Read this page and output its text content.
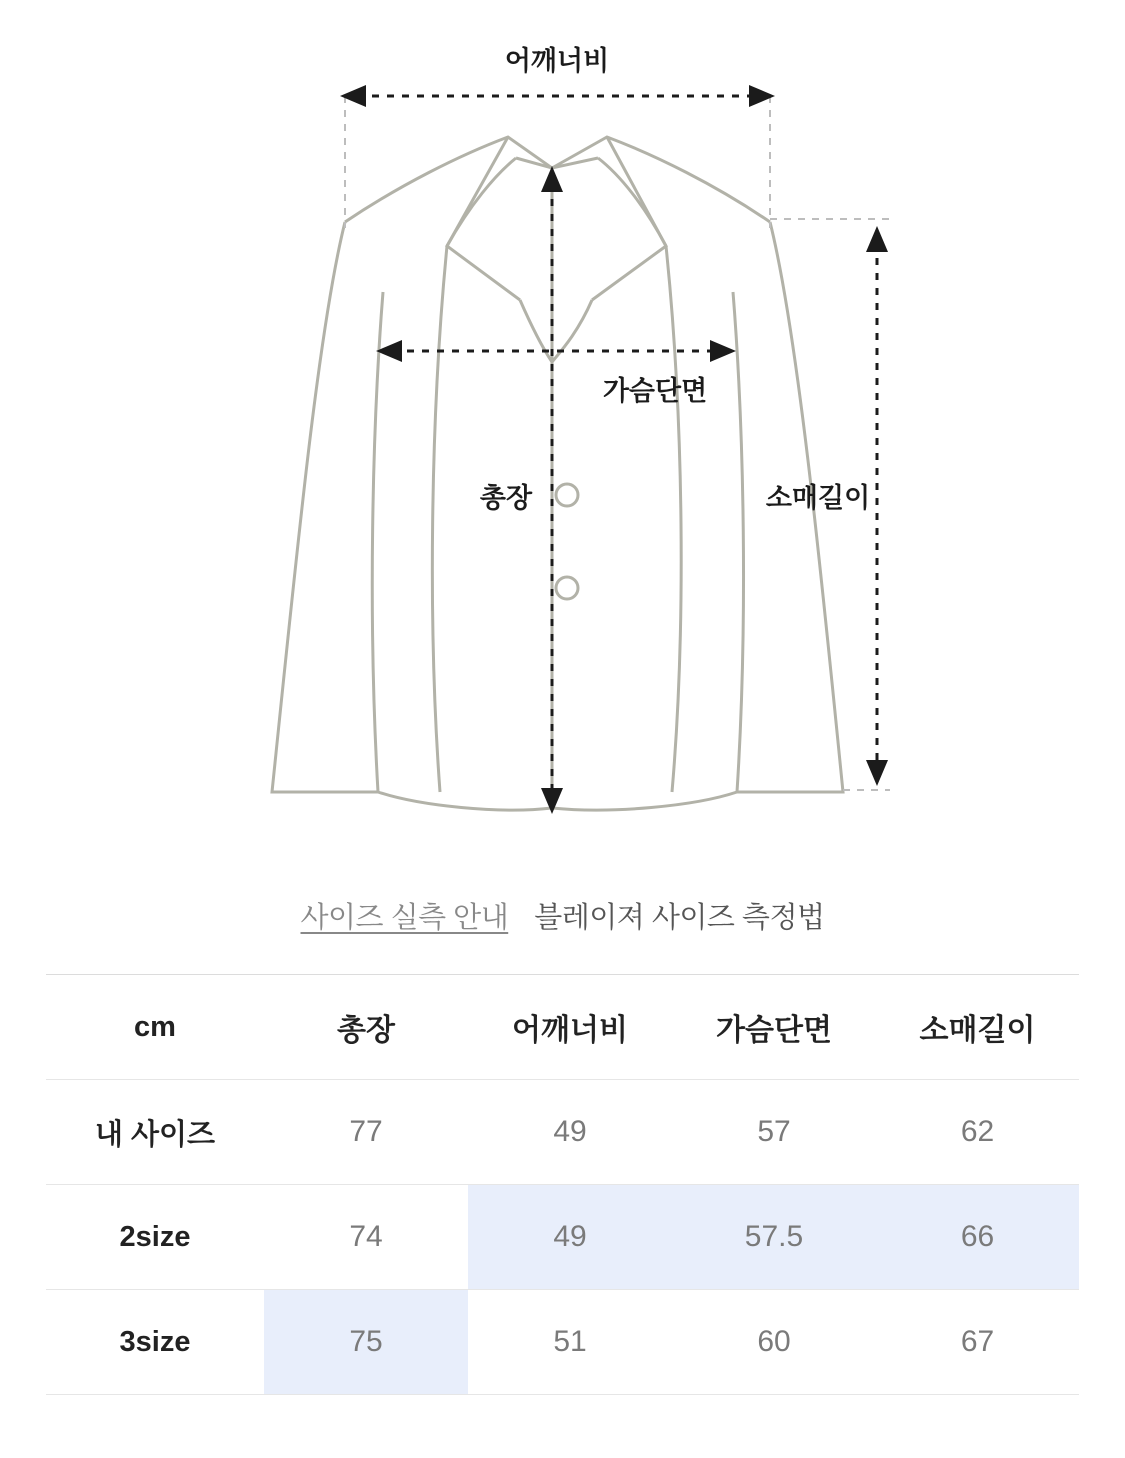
어깨너비
가슴단면
총장	소매길이
사이즈 실측 안내 블레이져 사이즈 측정법
cm	총장	어깨너비	가슴단면	소매길이
내 사이즈	77	49	57	62
2size	74	49	57.5	66
3size	75	51	60	67
